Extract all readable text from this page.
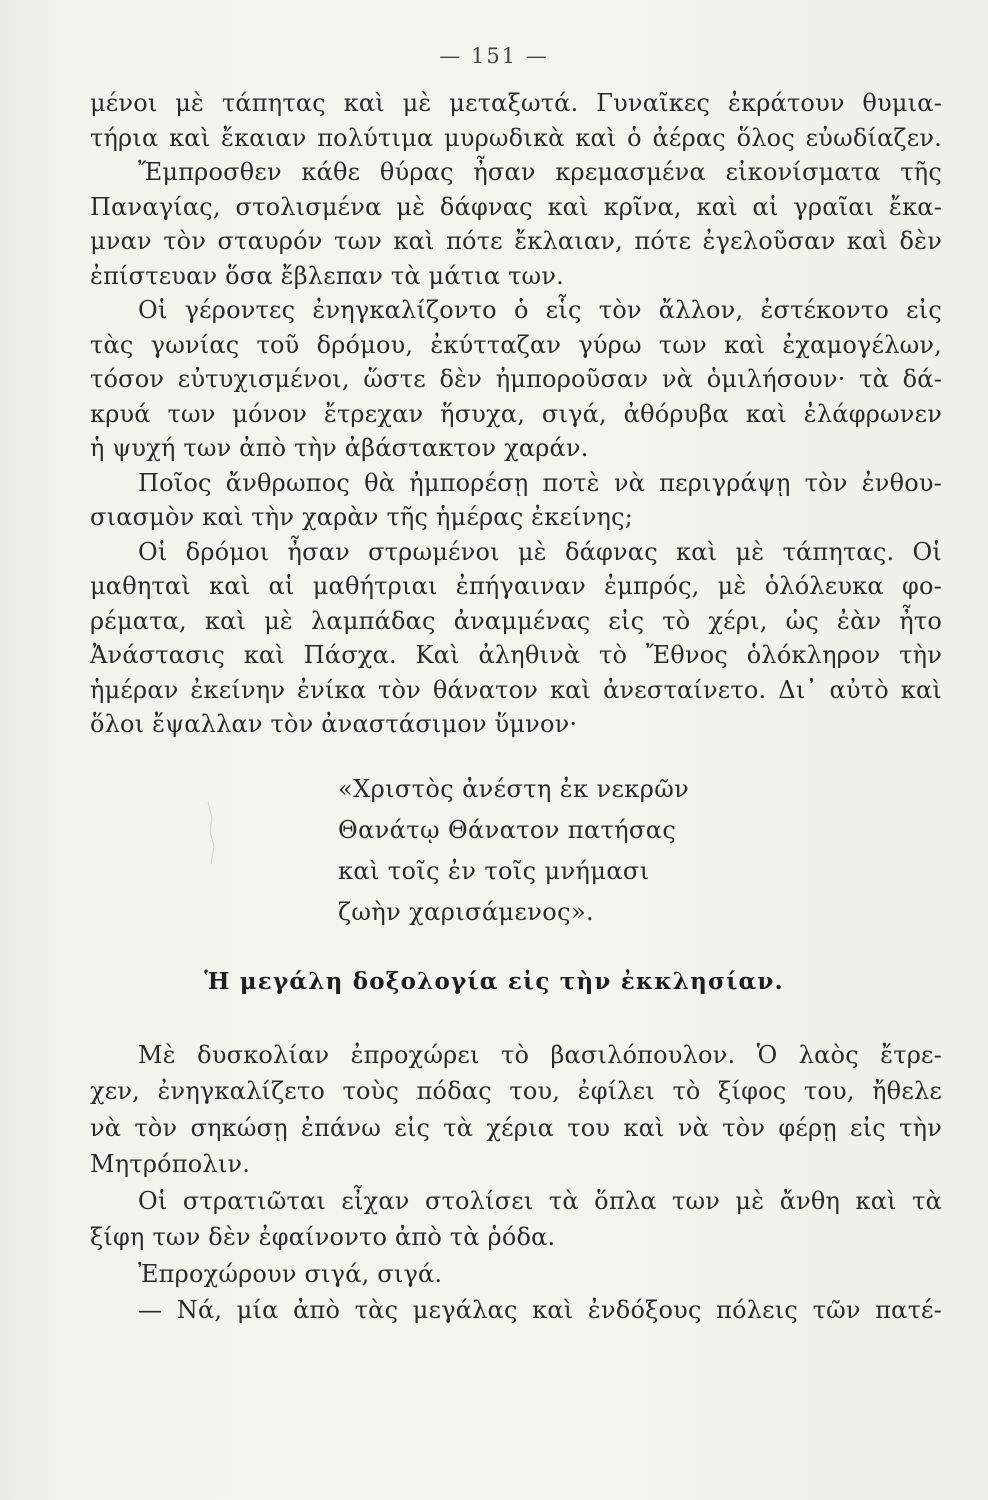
— 151 —
μένοι μὲ τάπητας καὶ μὲ μεταξωτά. Γυναῖκες ἐκράτουν θυμια-
τήρια καὶ ἔκαιαν πολύτιμα μυρωδικὰ καὶ ὁ ἀέρας ὅλος εὐωδίαζεν.
Ἔμπροσθεν κάθε θύρας ἦσαν κρεμασμένα εἰκονίσματα τῆς
Παναγίας, στολισμένα μὲ δάφνας καὶ κρῖνα, καὶ αἱ γραῖαι ἔκα-
μναν τὸν σταυρόν των καὶ πότε ἔκλαιαν, πότε ἐγελοῦσαν καὶ δὲν
ἐπίστευαν ὅσα ἔβλεπαν τὰ μάτια των.
Οἱ γέροντες ἐνηγκαλίζοντο ὁ εἷς τὸν ἄλλον, ἐστέκοντο εἰς
τὰς γωνίας τοῦ δρόμου, ἐκύτταζαν γύρω των καὶ ἐχαμογέλων,
τόσον εὐτυχισμένοι, ὥστε δὲν ἠμποροῦσαν νὰ ὁμιλήσουν· τὰ δά-
κρυά των μόνον ἔτρεχαν ἥσυχα, σιγά, ἀθόρυβα καὶ ἐλάφρωνεν
ἡ ψυχή των ἀπὸ τὴν ἀβάστακτον χαράν.
Ποῖος ἄνθρωπος θὰ ἠμπορέσῃ ποτὲ νὰ περιγράψῃ τὸν ἐνθου-
σιασμὸν καὶ τὴν χαρὰν τῆς ἡμέρας ἐκείνης;
Οἱ δρόμοι ἦσαν στρωμένοι μὲ δάφνας καὶ μὲ τάπητας. Οἱ
μαθηταὶ καὶ αἱ μαθήτριαι ἐπήγαιναν ἐμπρός, μὲ ὁλόλευκα φο-
ρέματα, καὶ μὲ λαμπάδας ἀναμμένας εἰς τὸ χέρι, ὡς ἐὰν ἦτο
Ἀνάστασις καὶ Πάσχα. Καὶ ἀληθινὰ τὸ Ἔθνος ὁλόκληρον τὴν
ἡμέραν ἐκείνην ἐνίκα τὸν θάνατον καὶ ἀνεσταίνετο. Δι᾿ αὐτὸ καὶ
ὅλοι ἔψαλλαν τὸν ἀναστάσιμον ὕμνον·
«Χριστὸς ἀνέστη ἐκ νεκρῶν
Θανάτῳ Θάνατον πατήσας
καὶ τοῖς ἐν τοῖς μνήμασι
ζωὴν χαρισάμενος».
Ἡ μεγάλη δοξολογία εἰς τὴν ἐκκλησίαν.
Μὲ δυσκολίαν ἐπροχώρει τὸ βασιλόπουλον. Ὁ λαὸς ἔτρε-
χεν, ἐνηγκαλίζετο τοὺς πόδας του, ἐφίλει τὸ ξίφος του, ἤθελε
νὰ τὸν σηκώσῃ ἐπάνω εἰς τὰ χέρια του καὶ νὰ τὸν φέρῃ εἰς τὴν
Μητρόπολιν.
Οἱ στρατιῶται εἶχαν στολίσει τὰ ὅπλα των μὲ ἄνθη καὶ τὰ
ξίφη των δὲν ἐφαίνοντο ἀπὸ τὰ ῥόδα.
Ἐπροχώρουν σιγά, σιγά.
— Νά, μία ἀπὸ τὰς μεγάλας καὶ ἐνδόξους πόλεις τῶν πατέ-
